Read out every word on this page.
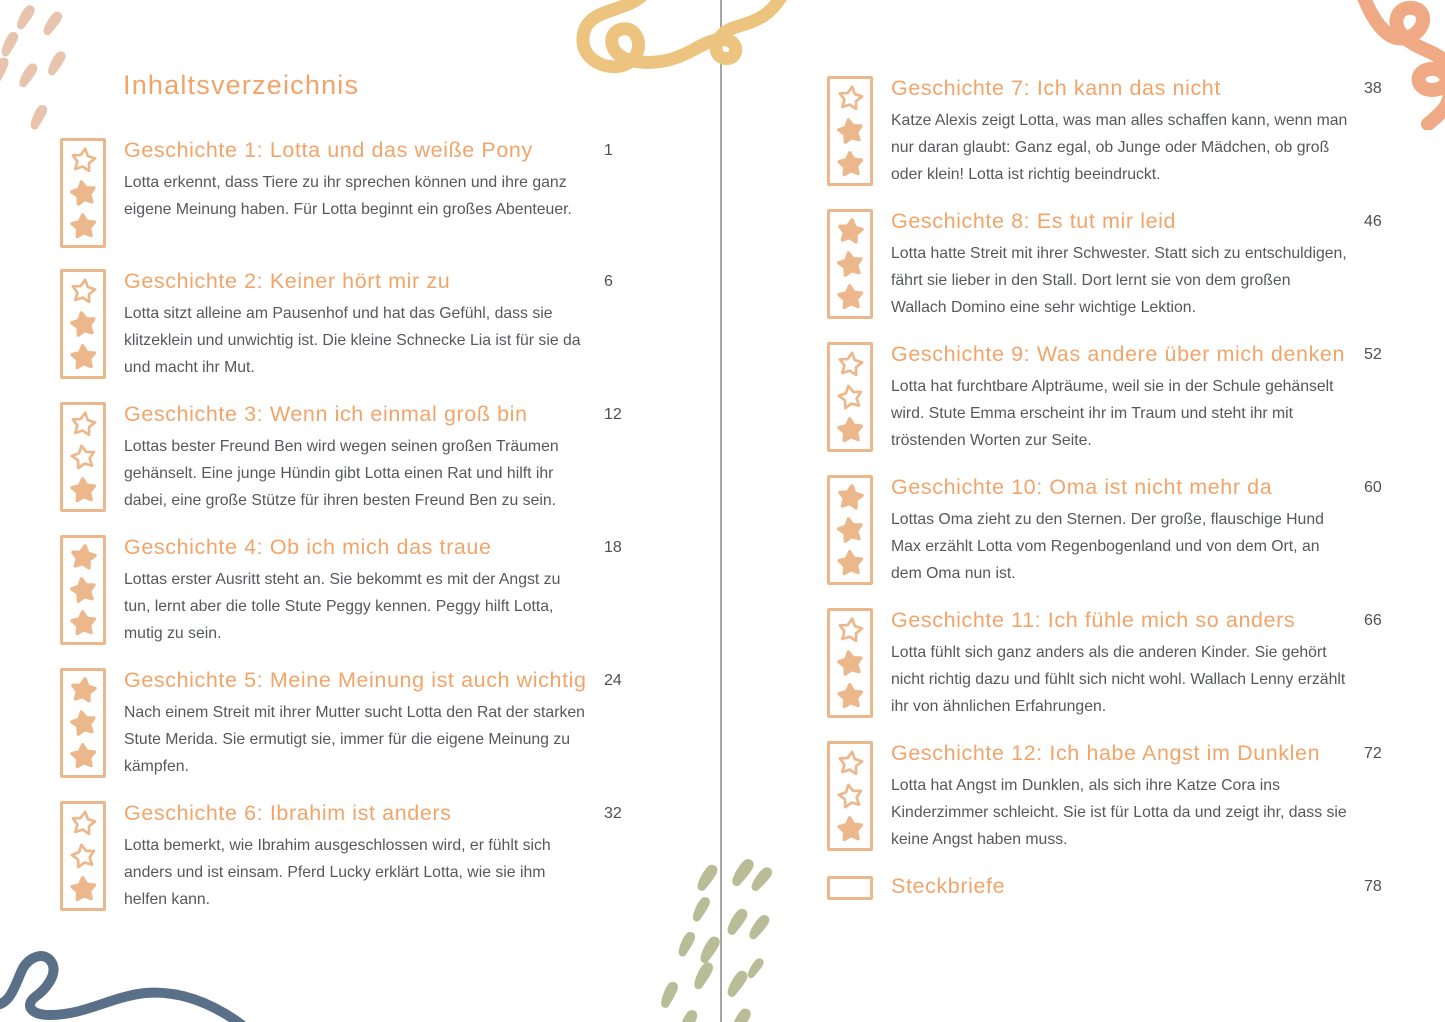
Inhaltsverzeichnis
Geschichte 1: Lotta und das weiße Pony
Lotta erkennt, dass Tiere zu ihr sprechen können und ihre ganz eigene Meinung haben. Für Lotta beginnt ein großes Abenteuer.
1
Geschichte 2: Keiner hört mir zu
Lotta sitzt alleine am Pausenhof und hat das Gefühl, dass sie klitzeklein und unwichtig ist. Die kleine Schnecke Lia ist für sie da und macht ihr Mut.
6
Geschichte 3: Wenn ich einmal groß bin
Lottas bester Freund Ben wird wegen seinen großen Träumen gehänselt. Eine junge Hündin gibt Lotta einen Rat und hilft ihr dabei, eine große Stütze für ihren besten Freund Ben zu sein.
12
Geschichte 4: Ob ich mich das traue
Lottas erster Ausritt steht an. Sie bekommt es mit der Angst zu tun, lernt aber die tolle Stute Peggy kennen. Peggy hilft Lotta, mutig zu sein.
18
Geschichte 5: Meine Meinung ist auch wichtig
Nach einem Streit mit ihrer Mutter sucht Lotta den Rat der starken Stute Merida. Sie ermutigt sie, immer für die eigene Meinung zu kämpfen.
24
Geschichte 6: Ibrahim ist anders
Lotta bemerkt, wie Ibrahim ausgeschlossen wird, er fühlt sich anders und ist einsam. Pferd Lucky erklärt Lotta, wie sie ihm helfen kann.
32
Geschichte 7: Ich kann das nicht
Katze Alexis zeigt Lotta, was man alles schaffen kann, wenn man nur daran glaubt: Ganz egal, ob Junge oder Mädchen, ob groß oder klein! Lotta ist richtig beeindruckt.
38
Geschichte 8: Es tut mir leid
Lotta hatte Streit mit ihrer Schwester. Statt sich zu entschuldigen, fährt sie lieber in den Stall. Dort lernt sie von dem großen Wallach Domino eine sehr wichtige Lektion.
46
Geschichte 9: Was andere über mich denken
Lotta hat furchtbare Alpträume, weil sie in der Schule gehänselt wird. Stute Emma erscheint ihr im Traum und steht ihr mit tröstenden Worten zur Seite.
52
Geschichte 10: Oma ist nicht mehr da
Lottas Oma zieht zu den Sternen. Der große, flauschige Hund Max erzählt Lotta vom Regenbogenland und von dem Ort, an dem Oma nun ist.
60
Geschichte 11: Ich fühle mich so anders
Lotta fühlt sich ganz anders als die anderen Kinder. Sie gehört nicht richtig dazu und fühlt sich nicht wohl. Wallach Lenny erzählt ihr von ähnlichen Erfahrungen.
66
Geschichte 12: Ich habe Angst im Dunklen
Lotta hat Angst im Dunklen, als sich ihre Katze Cora ins Kinderzimmer schleicht. Sie ist für Lotta da und zeigt ihr, dass sie keine Angst haben muss.
72
Steckbriefe	78
